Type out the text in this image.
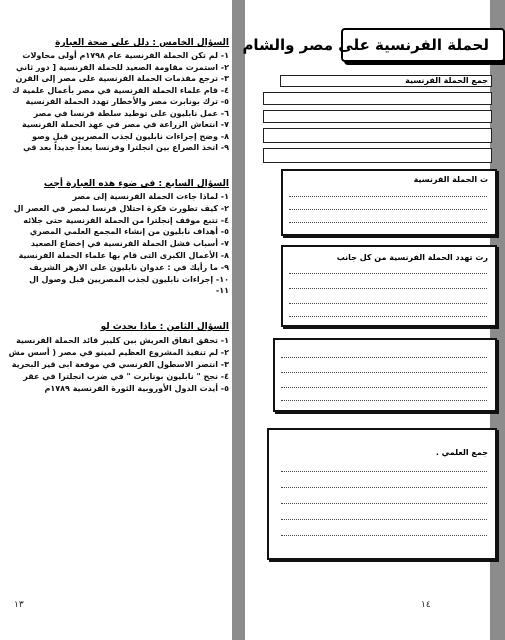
السؤال الخامس : دلل على صحة العبارة
١- لم تكن الحملة الفرنسية عام ١٧٩٨م أولى محاولات
٢- استمرت مقاومة الصعيد للحملة الفرنسية [ دور ثاني
٣- ترجع مقدمات الحملة الفرنسية على مصر إلى القرن
٤- قام علماء الحملة الفرنسية في مصر بأعمال علمية ك
٥- ترك بونابرت مصر والأخطار تهدد الحملة الفرنسية
٦- عمل نابليون على توطيد سلطة فرنسا في مصر
٧- انتعاش الزراعة في مصر في عهد الحملة الفرنسية
٨- وضح إجراءات نابليون لجذب المصريين قبل وصو
٩- اتخذ الصراع بين انجلترا وفرنسا بعداً جديداً بعد قي
السؤال السابع : في ضوء هذه العبارة أجب
١- لماذا جاءت الحملة الفرنسية إلى مصر
٢- كيف تطورت فكرة احتلال فرنسا لمصر في العصر ال
٤- تتبع موقف إنجلترا من الحملة الفرنسية حتى جلائه
٥- أهداف نابليون من إنشاء المجمع العلمي المصري
٧- أسباب فشل الحملة الفرنسية في إخضاع الصعيد
٨- الأعمال الكبرى التى قام بها علماء الحملة الفرنسية
٩- ما رأيك في : عدوان نابليون على الازهر الشريف
١٠- إجراءات نابليون لجذب المصريين قبل وصول ال
-١١
السؤال الثامن : ماذا يحدث لو
١- تحقق اتفاق العريش بين كليبر قائد الحملة الفرنسية
٢- لم تنفيذ المشروع العظيم لمينو في مصر ( أسس مش
٣- انتصر الاسطول الفرنسي في موقعة ابى قير البحرية
٤- نجح " نابليون بونابرت " في ضرب انجلترا في عقر
٥- أيدت الدول الأوروبية الثورة الفرنسية ١٧٨٩م
١٣
لحملة الفرنسية على مصر والشام
جمع الحملة الفرنسية
ت الحملة الفرنسية
رت تهدد الحملة الفرنسية من كل جانب
جمع العلمي .
١٤
